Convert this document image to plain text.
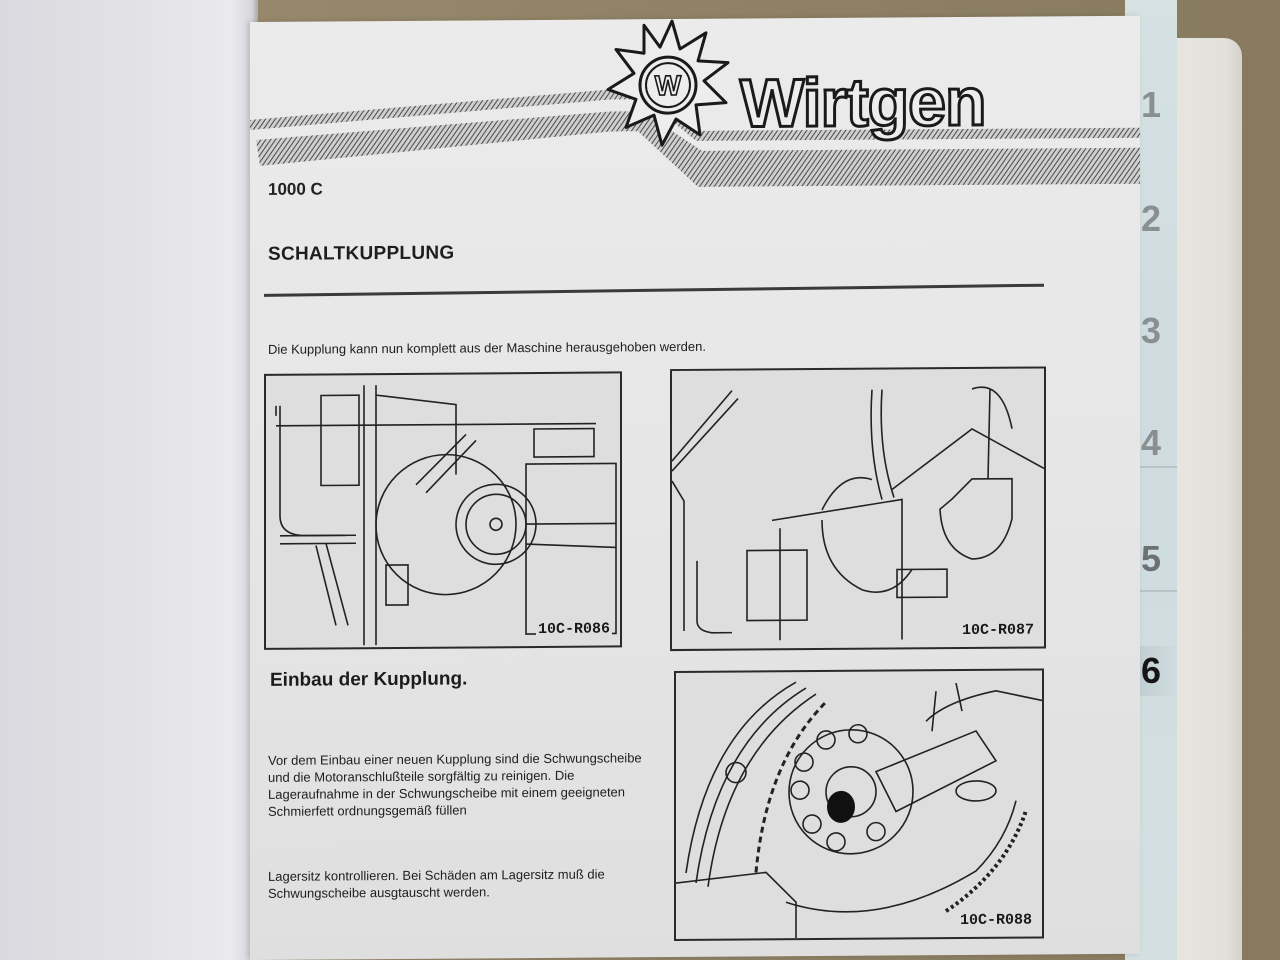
1
2
3
4
5
6
W Wirtgen
1000 C
SCHALTKUPPLUNG
Die Kupplung kann nun komplett aus der Maschine herausgehoben werden.
10C-R086	10C-R087
Einbau der Kupplung.
Vor dem Einbau einer neuen Kupplung sind die Schwungscheibe und die Motoranschlußteile sorgfältig zu reinigen. Die Lageraufnahme in der Schwungscheibe mit einem geeigneten Schmierfett ordnungsgemäß füllen
Lagersitz kontrollieren. Bei Schäden am Lagersitz muß die Schwungscheibe ausgtauscht werden.
10C-R088
